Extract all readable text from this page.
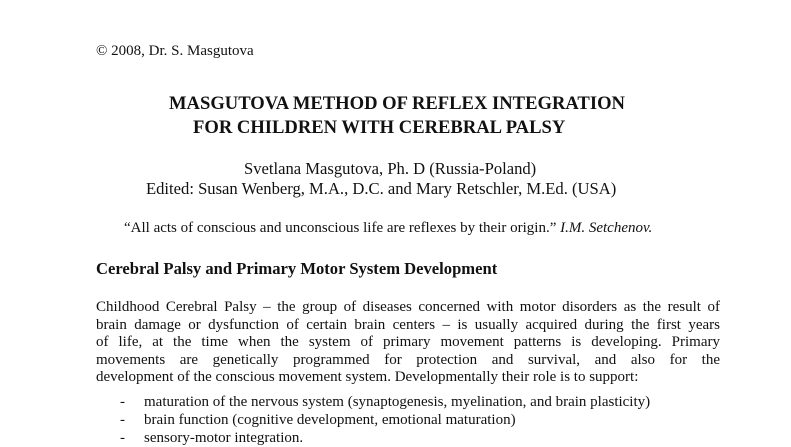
© 2008, Dr. S. Masgutova
MASGUTOVA METHOD OF REFLEX INTEGRATION
FOR CHILDREN WITH CEREBRAL PALSY
Svetlana Masgutova, Ph. D (Russia-Poland)
Edited: Susan Wenberg, M.A., D.C. and Mary Retschler, M.Ed. (USA)
“All acts of conscious and unconscious life are reflexes by their origin.” I.M. Setchenov.
Cerebral Palsy and Primary Motor System Development
Childhood Cerebral Palsy – the group of diseases concerned with motor disorders as the result of
brain damage or dysfunction of certain brain centers – is usually acquired during the first years
of life, at the time when the system of primary movement patterns is developing. Primary
movements are genetically programmed for protection and survival, and also for the
development of the conscious movement system. Developmentally their role is to support:
- maturation of the nervous system (synaptogenesis, myelination, and brain plasticity)
- brain function (cognitive development, emotional maturation)
- sensory-motor integration.
